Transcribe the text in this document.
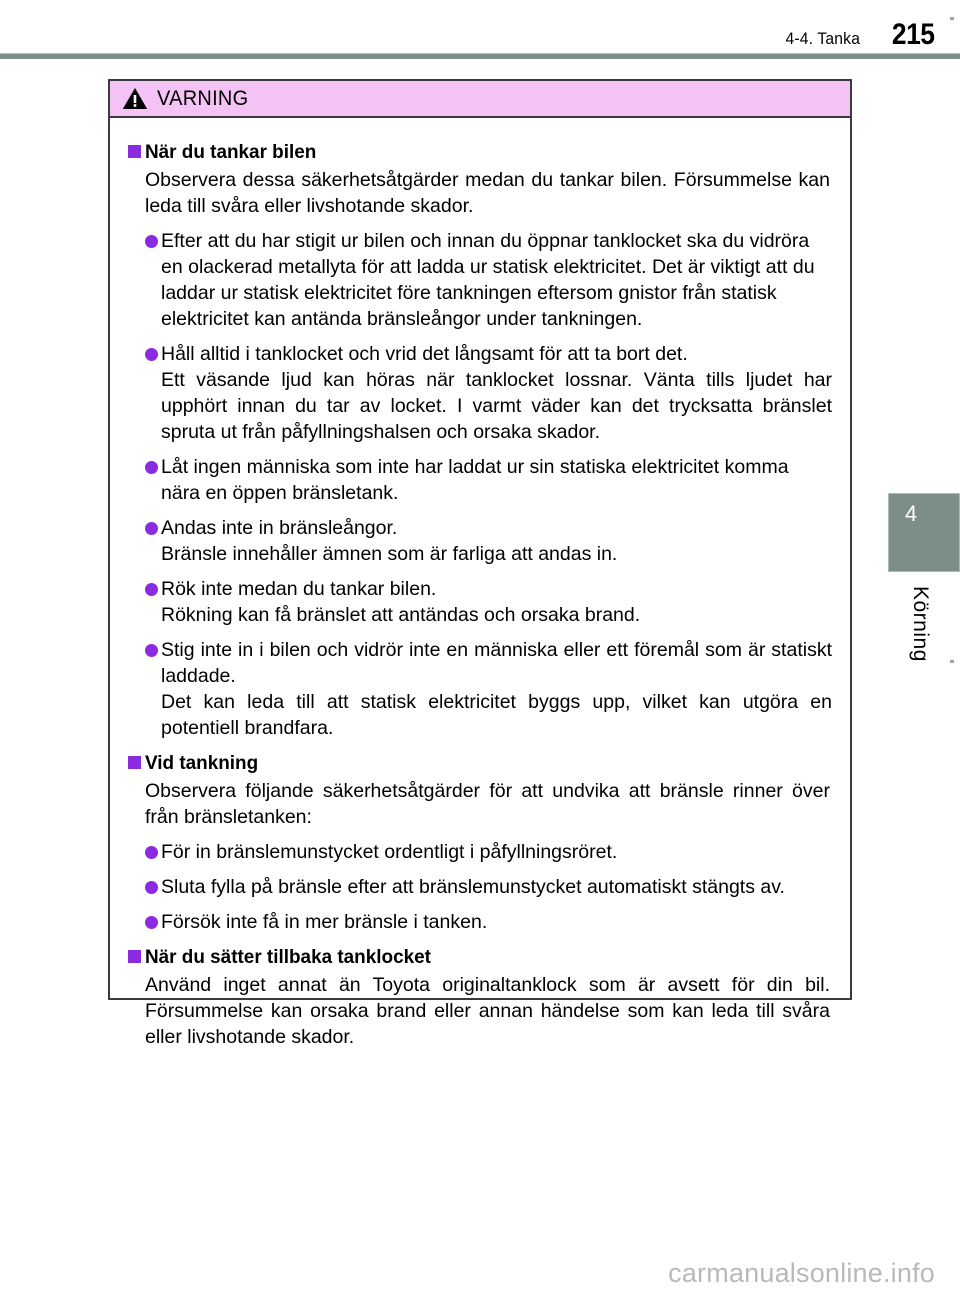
4-4. Tanka 215
4
Körning
VARNING
När du tankar bilen
Observera dessa säkerhetsåtgärder medan du tankar bilen. Försummelse kan leda till svåra eller livshotande skador.
Efter att du har stigit ur bilen och innan du öppnar tanklocket ska du vidröra en olackerad metallyta för att ladda ur statisk elektricitet. Det är viktigt att du laddar ur statisk elektricitet före tankningen eftersom gnistor från statisk elektricitet kan antända bränsleångor under tankningen.
Håll alltid i tanklocket och vrid det långsamt för att ta bort det.
Ett väsande ljud kan höras när tanklocket lossnar. Vänta tills ljudet har upphört innan du tar av locket. I varmt väder kan det trycksatta bränslet spruta ut från påfyllningshalsen och orsaka skador.
Låt ingen människa som inte har laddat ur sin statiska elektricitet komma nära en öppen bränsletank.
Andas inte in bränsleångor.
Bränsle innehåller ämnen som är farliga att andas in.
Rök inte medan du tankar bilen.
Rökning kan få bränslet att antändas och orsaka brand.
Stig inte in i bilen och vidrör inte en människa eller ett föremål som är statiskt laddade.
Det kan leda till att statisk elektricitet byggs upp, vilket kan utgöra en potentiell brandfara.
Vid tankning
Observera följande säkerhetsåtgärder för att undvika att bränsle rinner över från bränsletanken:
För in bränslemunstycket ordentligt i påfyllningsröret.
Sluta fylla på bränsle efter att bränslemunstycket automatiskt stängts av.
Försök inte få in mer bränsle i tanken.
När du sätter tillbaka tanklocket
Använd inget annat än Toyota originaltanklock som är avsett för din bil. Försummelse kan orsaka brand eller annan händelse som kan leda till svåra eller livshotande skador.
carmanualsonline.info
